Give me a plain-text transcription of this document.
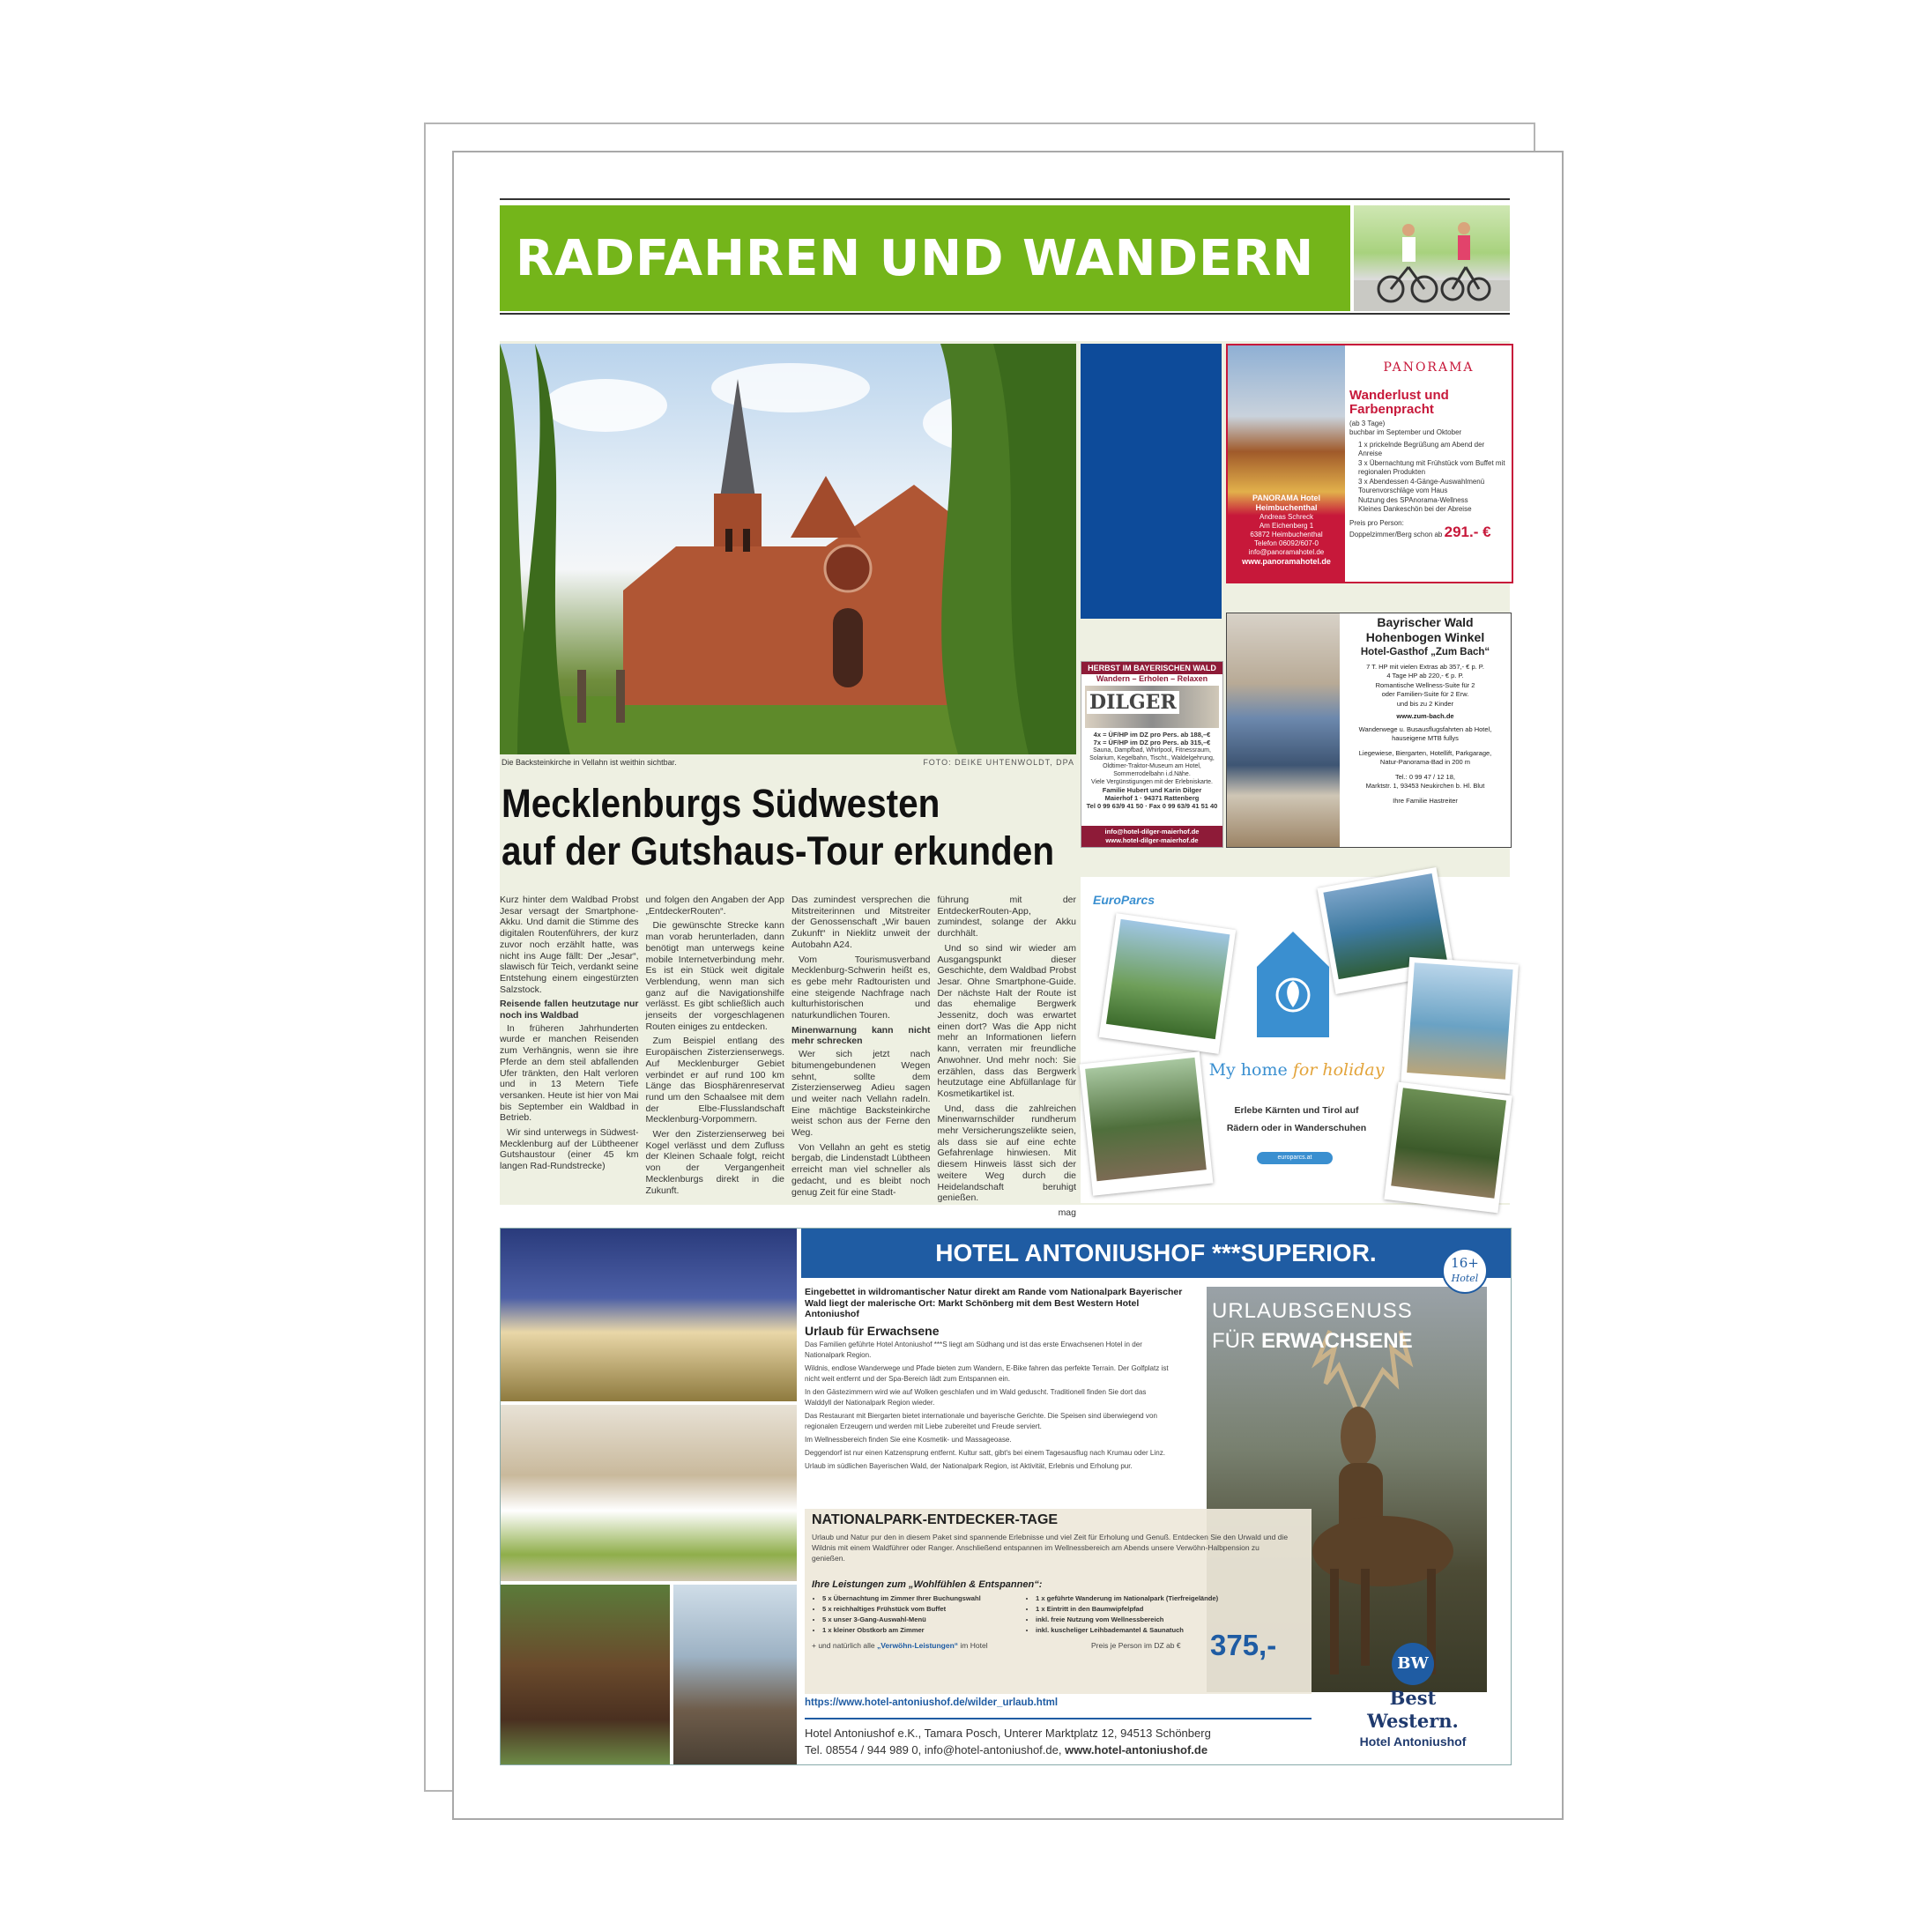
RADFAHREN UND WANDERN
Die Backsteinkirche in Vellahn ist weithin sichtbar.	FOTO: DEIKE UHTENWOLDT, DPA
Mecklenburgs Südwesten
auf der Gutshaus-Tour erkunden

Kurz hinter dem Waldbad Probst Jesar versagt der Smartphone-Akku. Und damit die Stimme des digitalen Routenführers, der kurz zuvor noch erzählt hatte, was nicht ins Auge fällt: Der „Jesar“, slawisch für Teich, verdankt seine Entstehung einem eingestürzten Salzstock.

Reisende fallen heutzutage nur noch ins Waldbad

In früheren Jahrhunderten wurde er manchen Reisenden zum Verhängnis, wenn sie ihre Pferde an dem steil abfallenden Ufer tränkten, den Halt verloren und in 13 Metern Tiefe versanken. Heute ist hier von Mai bis September ein Waldbad in Betrieb.

Wir sind unterwegs in Südwest-Mecklenburg auf der Lübtheener Gutshaustour (einer 45 km langen Rad-Rundstrecke)

und folgen den Angaben der App „EntdeckerRouten“.

Die gewünschte Strecke kann man vorab herunterladen, dann benötigt man unterwegs keine mobile Internetverbindung mehr. Es ist ein Stück weit digitale Verblendung, wenn man sich ganz auf die Navigationshilfe verlässt. Es gibt schließlich auch jenseits der vorgeschlagenen Routen einiges zu entdecken.

Zum Beispiel entlang des Europäischen Zisterzienserwegs. Auf Mecklenburger Gebiet verbindet er auf rund 100 km Länge das Biosphärenreservat rund um den Schaalsee mit dem der Elbe-Flusslandschaft Mecklenburg-Vorpommern.

Wer den Zisterzienserweg bei Kogel verlässt und dem Zufluss der Kleinen Schaale folgt, reicht von der Vergangenheit Mecklenburgs direkt in die Zukunft.

Das zumindest versprechen die Mitstreiterinnen und Mitstreiter der Genossenschaft „Wir bauen Zukunft“ in Nieklitz unweit der Autobahn A24.

Vom Tourismusverband Mecklenburg-Schwerin heißt es, es gebe mehr Radtouristen und eine steigende Nachfrage nach kulturhistorischen und naturkundlichen Touren.

Minenwarnung kann nicht mehr schrecken

Wer sich jetzt nach bitumengebundenen Wegen sehnt, sollte dem Zisterzienserweg Adieu sagen und weiter nach Vellahn radeln. Eine mächtige Backsteinkirche weist schon aus der Ferne den Weg.

Von Vellahn an geht es stetig bergab, die Lindenstadt Lübtheen erreicht man viel schneller als gedacht, und es bleibt noch genug Zeit für eine Stadt-

führung mit der EntdeckerRouten-App, zumindest, solange der Akku durchhält.

Und so sind wir wieder am Ausgangspunkt dieser Geschichte, dem Waldbad Probst Jesar. Ohne Smartphone-Guide. Der nächste Halt der Route ist das ehemalige Bergwerk Jessenitz, doch was erwartet einen dort? Was die App nicht mehr an Informationen liefern kann, verraten mir freundliche Anwohner. Und mehr noch: Sie erzählen, dass das Bergwerk heutzutage eine Abfüllanlage für Kosmetikartikel ist.

Und, dass die zahlreichen Minenwarnschilder rundherum mehr Versicherungszelikte seien, als dass sie auf eine echte Gefahrenlage hinwiesen. Mit diesem Hinweis lässt sich der weitere Weg durch die Heidelandschaft beruhigt genießen.

mag
HERBST IM BAYERISCHEN WALD
Wandern – Erholen – Relaxen
DILGER
4x = ÜF/HP im DZ pro Pers. ab 188,–€
7x = ÜF/HP im DZ pro Pers. ab 315,–€
Sauna, Dampfbad, Whirlpool, Fitnessraum, Solarium, Kegelbahn, Tischt., Waldelgehrung, Oldtimer-Traktor-Museum am Hotel, Sommerrodelbahn i.d.Nähe.
Viele Vergünstigungen mit der Erlebniskarte.
Familie Hubert und Karin Dilger
Maierhof 1 · 94371 Rattenberg
Tel 0 99 63/9 41 50 · Fax 0 99 63/9 41 51 40
info@hotel-dilger-maierhof.de
www.hotel-dilger-maierhof.de
PANORAMA Hotel
Heimbuchenthal
Andreas Schreck
Am Eichenberg 1
63872 Heimbuchenthal
Telefon 06092/607-0
info@panoramahotel.de
www.panoramahotel.de
PANORAMA
Wanderlust und Farbenpracht
(ab 3 Tage)
buchbar im September und Oktober
1 x prickelnde Begrüßung am Abend der Anreise
3 x Übernachtung mit Frühstück vom Buffet mit regionalen Produkten
3 x Abendessen 4-Gänge-Auswahlmenü
Tourenvorschläge vom Haus
Nutzung des SPAnorama-Wellness
Kleines Dankeschön bei der Abreise
Preis pro Person:
Doppelzimmer/Berg schon ab 291.- €
Bayrischer Wald
Hohenbogen Winkel
Hotel-Gasthof „Zum Bach“
7 T. HP mit vielen Extras ab 357,- € p. P.
4 Tage HP ab 220,- € p. P.
Romantische Wellness-Suite für 2
oder Familien-Suite für 2 Erw.
und bis zu 2 Kinder
www.zum-bach.de
Wanderwege u. Busausflugsfahrten ab Hotel,
hauseigene MTB fullys
Liegewiese, Biergarten, Hotellift, Parkgarage,
Natur-Panorama-Bad in 200 m
Tel.: 0 99 47 / 12 18,
Marktstr. 1, 93453 Neukirchen b. Hl. Blut
Ihre Familie Hastreiter
EuroParcs
My home for holiday
Erlebe Kärnten und Tirol auf
Rädern oder in Wanderschuhen
europarcs.at
HOTEL ANTONIUSHOF ***SUPERIOR.
Eingebettet in wildromantischer Natur direkt am Rande vom Nationalpark Bayerischer Wald liegt der malerische Ort: Markt Schönberg mit dem Best Western Hotel Antoniushof
Urlaub für Erwachsene

Das Familien geführte Hotel Antoniushof ***S liegt am Südhang und ist das erste Erwachsenen Hotel in der Nationalpark Region.

Wildnis, endlose Wanderwege und Pfade bieten zum Wandern, E-Bike fahren das perfekte Terrain. Der Golfplatz ist nicht weit entfernt und der Spa-Bereich lädt zum Entspannen ein.

In den Gästezimmern wird wie auf Wolken geschlafen und im Wald geduscht. Traditionell finden Sie dort das Walddyll der Nationalpark Region wieder.

Das Restaurant mit Biergarten bietet internationale und bayerische Gerichte. Die Speisen sind überwiegend von regionalen Erzeugern und werden mit Liebe zubereitet und Freude serviert.

Im Wellnessbereich finden Sie eine Kosmetik- und Massageoase.

Deggendorf ist nur einen Katzensprung entfernt. Kultur satt, gibt's bei einem Tagesausflug nach Krumau oder Linz.

Urlaub im südlichen Bayerischen Wald, der Nationalpark Region, ist Aktivität, Erlebnis und Erholung pur.

URLAUBSGENUSS
FÜR ERWACHSENE
16+
Hotel
NATIONALPARK-ENTDECKER-TAGE
Urlaub und Natur pur den in diesem Paket sind spannende Erlebnisse und viel Zeit für Erholung und Genuß. Entdecken Sie den Urwald und die Wildnis mit einem Waldführer oder Ranger. Anschließend entspannen im Wellnessbereich am Abends unsere Verwöhn-Halbpension zu genießen.
Ihre Leistungen zum „Wohlfühlen & Entspannen“:
• 5 x Übernachtung im Zimmer Ihrer Buchungswahl
• 5 x reichhaltiges Frühstück vom Buffet
• 5 x unser 3-Gang-Auswahl-Menü
• 1 x kleiner Obstkorb am Zimmer
• 1 x geführte Wanderung im Nationalpark (Tierfreigelände)
• 1 x Eintritt in den Baumwipfelpfad
• inkl. freie Nutzung vom Wellnessbereich
• inkl. kuscheliger Leihbademantel & Saunatuch
+ und natürlich alle „Verwöhn-Leistungen“ im Hotel	Preis je Person im DZ ab € 375,-
https://www.hotel-antoniushof.de/wilder_urlaub.html
Hotel Antoniushof e.K., Tamara Posch, Unterer Marktplatz 12, 94513 Schönberg
Tel. 08554 / 944 989 0, info@hotel-antoniushof.de, www.hotel-antoniushof.de
BW
Best
Western.
Hotel Antoniushof
